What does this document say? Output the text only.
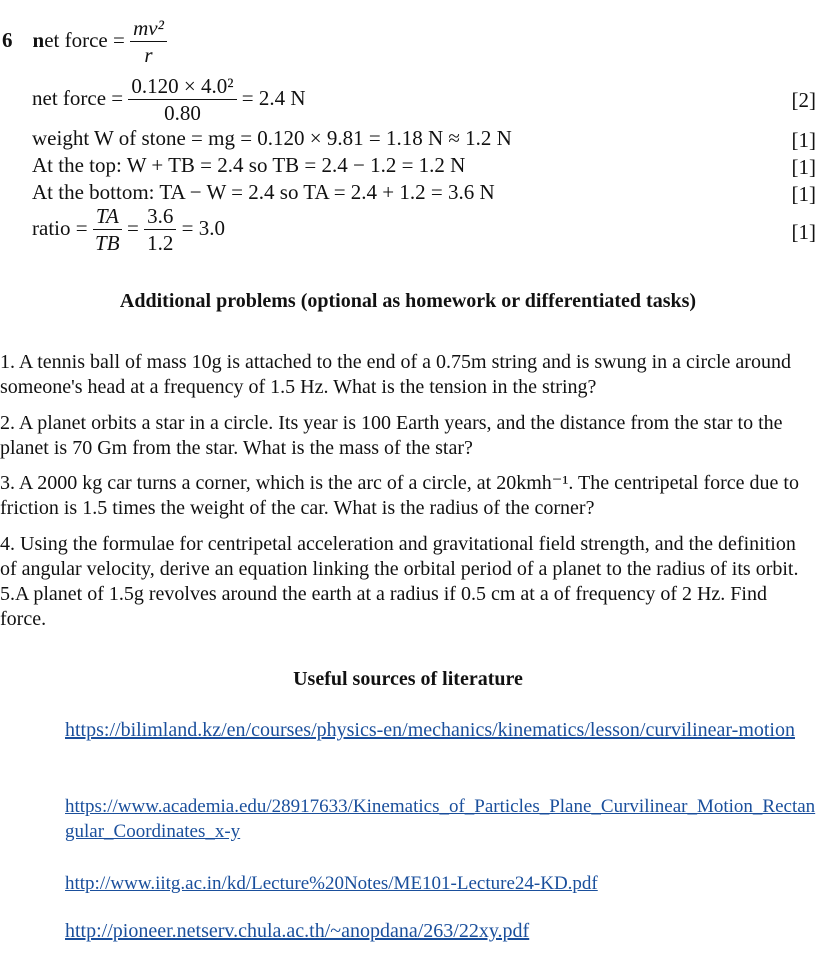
6 net force = $\frac{\text{mv²}}{r}$
net force = $\frac{\text{0.120 × 4.0²}}{0.80} = 2.4$ N	[2]
weight W of stone = mg = 0.120 × 9.81 = 1.18 N ≈ 1.2 N	[1]
At the top: W + TB = 2.4 so TB = 2.4 − 1.2 = 1.2 N	[1]
At the bottom: TA − W = 2.4 so TA = 2.4 + 1.2 = 3.6 N	[1]
ratio = $\frac{TA}{TB} = \frac{3.6}{1.2} = 3.0$	[1]
Additional problems (optional as homework or differentiated tasks)
1. A tennis ball of mass 10g is attached to the end of a 0.75m string and is swung in a circle around someone's head at a frequency of 1.5 Hz. What is the tension in the string?
2. A planet orbits a star in a circle. Its year is 100 Earth years, and the distance from the star to the planet is 70 Gm from the star. What is the mass of the star?
3. A 2000 kg car turns a corner, which is the arc of a circle, at 20kmh⁻¹. The centripetal force due to friction is 1.5 times the weight of the car. What is the radius of the corner?
4. Using the formulae for centripetal acceleration and gravitational field strength, and the definition of angular velocity, derive an equation linking the orbital period of a planet to the radius of its orbit. 5.A planet of 1.5g revolves around the earth at a radius if 0.5 cm at a of frequency of 2 Hz. Find force.
Useful sources of literature
https://bilimland.kz/en/courses/physics-en/mechanics/kinematics/lesson/curvilinear-motion
https://www.academia.edu/28917633/Kinematics_of_Particles_Plane_Curvilinear_Motion_Rectangular_Coordinates_x-y
http://www.iitg.ac.in/kd/Lecture%20Notes/ME101-Lecture24-KD.pdf
http://pioneer.netserv.chula.ac.th/~anopdana/263/22xy.pdf
